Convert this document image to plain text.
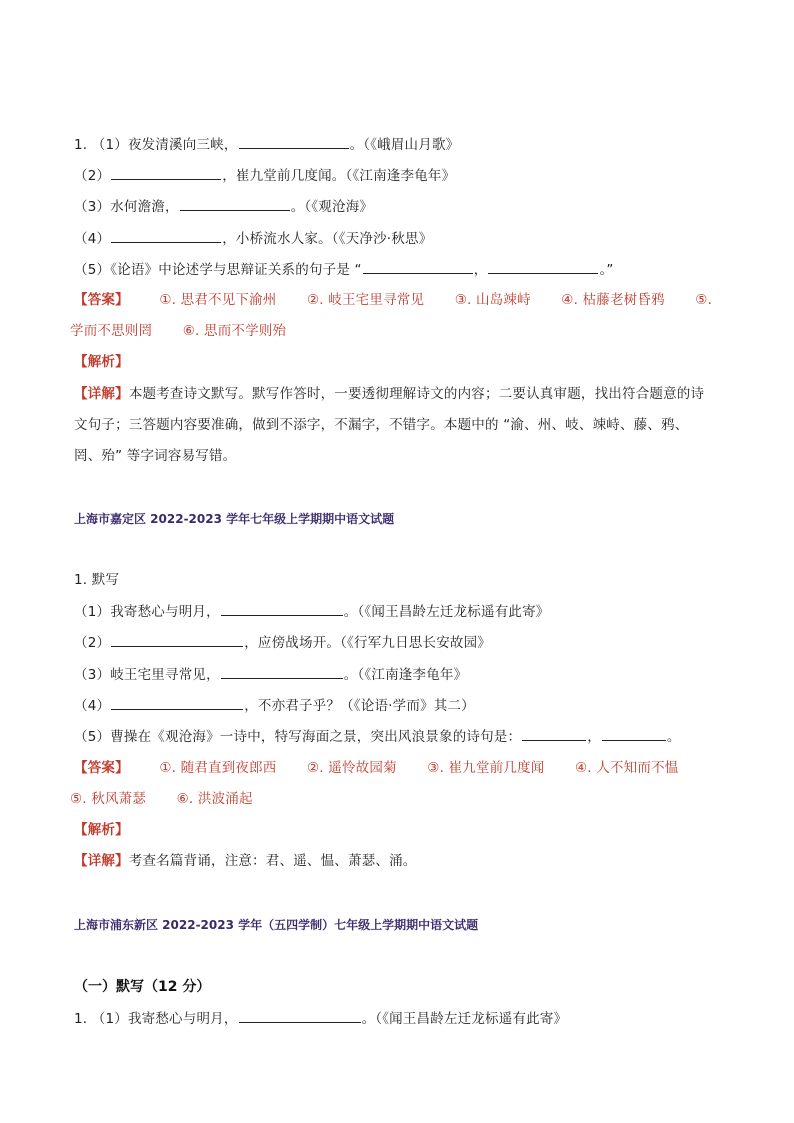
1. （1）夜发清溪向三峡，	。（《峨眉山月歌》
（2）	，崔九堂前几度闻。（《江南逢李龟年》
（3）水何澹澹，	。（《观沧海》
（4）	，小桥流水人家。（《天净沙·秋思》
（5）《论语》中论述学与思辩证关系的句子是 “	，	。”
【答案】 ①. 思君不见下渝州 ②. 岐王宅里寻常见 ③. 山岛竦峙 ④. 枯藤老树昏鸦 ⑤.
学而不思则罔 ⑥. 思而不学则殆
【解析】
【详解】本题考查诗文默写。默写作答时，一要透彻理解诗文的内容；二要认真审题，找出符合题意的诗
文句子；三答题内容要准确，做到不添字，不漏字，不错字。本题中的 “渝、州、岐、竦峙、藤、鸦、
罔、殆” 等字词容易写错。
上海市嘉定区 2022-2023 学年七年级上学期期中语文试题
1. 默写
（1）我寄愁心与明月，	。（《闻王昌龄左迁龙标遥有此寄》
（2）	，应傍战场开。（《行军九日思长安故园》
（3）岐王宅里寻常见，	。（《江南逢李龟年》
（4）	，不亦君子乎？（《论语·学而》其二）
（5）曹操在《观沧海》一诗中，特写海面之景，突出风浪景象的诗句是：	，	。
【答案】 ①. 随君直到夜郎西 ②. 遥怜故园菊 ③. 崔九堂前几度闻 ④. 人不知而不愠
⑤. 秋风萧瑟 ⑥. 洪波涌起
【解析】
【详解】考查名篇背诵，注意：君、遥、愠、萧瑟、涌。
上海市浦东新区 2022-2023 学年（五四学制）七年级上学期期中语文试题
（一）默写（12 分）
1. （1）我寄愁心与明月，	。（《闻王昌龄左迁龙标遥有此寄》
